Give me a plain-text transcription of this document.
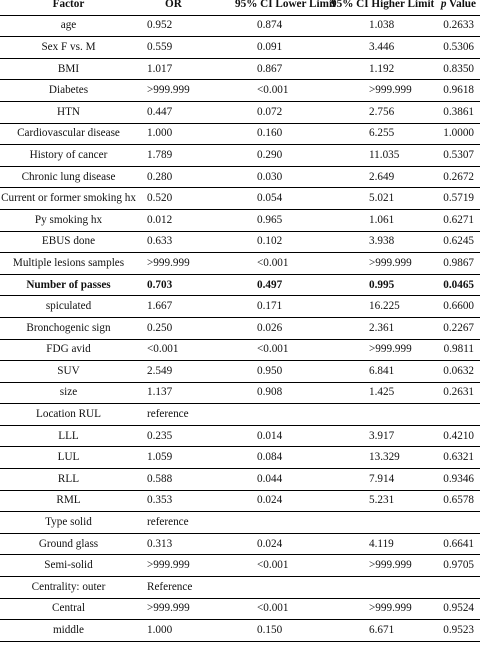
Factor	OR	95% CI Lower Limit	95% CI Higher Limit	p Value
age	0.952	0.874	1.038	0.2633
Sex F vs. M	0.559	0.091	3.446	0.5306
BMI	1.017	0.867	1.192	0.8350
Diabetes	>999.999	<0.001	>999.999	0.9618
HTN	0.447	0.072	2.756	0.3861
Cardiovascular disease	1.000	0.160	6.255	1.0000
History of cancer	1.789	0.290	11.035	0.5307
Chronic lung disease	0.280	0.030	2.649	0.2672
Current or former smoking hx	0.520	0.054	5.021	0.5719
Py smoking hx	0.012	0.965	1.061	0.6271
EBUS done	0.633	0.102	3.938	0.6245
Multiple lesions samples	>999.999	<0.001	>999.999	0.9867
Number of passes	0.703	0.497	0.995	0.0465
spiculated	1.667	0.171	16.225	0.6600
Bronchogenic sign	0.250	0.026	2.361	0.2267
FDG avid	<0.001	<0.001	>999.999	0.9811
SUV	2.549	0.950	6.841	0.0632
size	1.137	0.908	1.425	0.2631
Location RUL	reference			
LLL	0.235	0.014	3.917	0.4210
LUL	1.059	0.084	13.329	0.6321
RLL	0.588	0.044	7.914	0.9346
RML	0.353	0.024	5.231	0.6578
Type solid	reference			
Ground glass	0.313	0.024	4.119	0.6641
Semi-solid	>999.999	<0.001	>999.999	0.9705
Centrality: outer	Reference			
Central	>999.999	<0.001	>999.999	0.9524
middle	1.000	0.150	6.671	0.9523
